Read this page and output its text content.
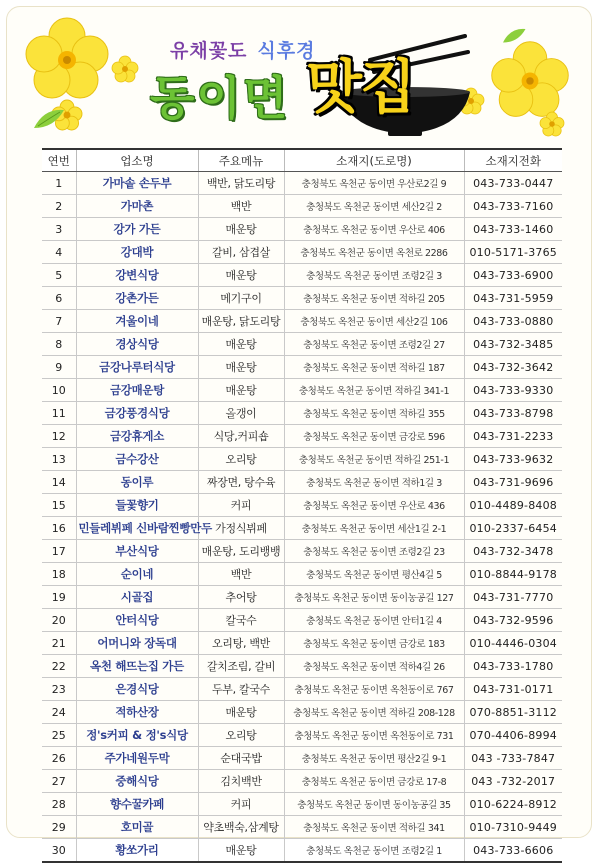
유채꽃도 식후경
동이면 맛집
연번	업소명	주요메뉴	소재지(도로명)	소재지전화
1	가마솥 손두부	백반, 닭도리탕	충청북도 옥천군 동이면 우산로2길 9	043-733-0447
2	가마촌	백반	충청북도 옥천군 동이면 세산2길 2	043-733-7160
3	강가 가든	매운탕	충청북도 옥천군 동이면 우산로 406	043-733-1460
4	강대박	갈비, 삼겹살	충청북도 옥천군 동이면 옥천로 2286	010-5171-3765
5	강변식당	매운탕	충청북도 옥천군 동이면 조령2길 3	043-733-6900
6	강촌가든	메기구이	충청북도 옥천군 동이면 적하길 205	043-731-5959
7	겨울이네	매운탕, 닭도리탕	충청북도 옥천군 동이면 세산2길 106	043-733-0880
8	경상식당	매운탕	충청북도 옥천군 동이면 조령2길 27	043-732-3485
9	금강나루터식당	매운탕	충청북도 옥천군 동이면 적하길 187	043-732-3642
10	금강매운탕	매운탕	충청북도 옥천군 동이면 적하길 341-1	043-733-9330
11	금강풍경식당	올갱이	충청북도 옥천군 동이면 적하길 355	043-733-8798
12	금강휴게소	식당,커피숍	충청북도 옥천군 동이면 금강로 596	043-731-2233
13	금수강산	오리탕	충청북도 옥천군 동이면 적하길 251-1	043-733-9632
14	동이루	짜장면, 탕수육	충청북도 옥천군 동이면 적하1길 3	043-731-9696
15	들꽃향기	커피	충청북도 옥천군 동이면 우산로 436	010-4489-8408
16	민들레뷔페 신바람찐빵만두	가정식뷔페	충청북도 옥천군 동이면 세산1길 2-1	010-2337-6454
17	부산식당	매운탕, 도리뱅뱅	충청북도 옥천군 동이면 조령2길 23	043-732-3478
18	순이네	백반	충청북도 옥천군 동이면 평산4길 5	010-8844-9178
19	시골집	추어탕	충청북도 옥천군 동이면 동이농공길 127	043-731-7770
20	안터식당	칼국수	충청북도 옥천군 동이면 안터1길 4	043-732-9596
21	어머니와 장독대	오리탕, 백반	충청북도 옥천군 동이면 금강로 183	010-4446-0304
22	옥천 해뜨는집 가든	갈치조림, 갈비	충청북도 옥천군 동이면 적하4길 26	043-733-1780
23	은경식당	두부, 칼국수	충청북도 옥천군 동이면 옥천동이로 767	043-731-0171
24	적하산장	매운탕	충청북도 옥천군 동이면 적하길 208-128	070-8851-3112
25	정's커피 & 정's식당	오리탕	충청북도 옥천군 동이면 옥천동이로 731	070-4406-8994
26	주가네원두막	순대국밥	충청북도 옥천군 동이면 평산2길 9-1	043 -733-7847
27	중해식당	김치백반	충청북도 옥천군 동이면 금강로 17-8	043 -732-2017
28	향수꿀카페	커피	충청북도 옥천군 동이면 동이농공길 35	010-6224-8912
29	호미골	약초백숙,삼계탕	충청북도 옥천군 동이면 적하길 341	010-7310-9449
30	황쏘가리	매운탕	충청북도 옥천군 동이면 조령2길 1	043-733-6606
